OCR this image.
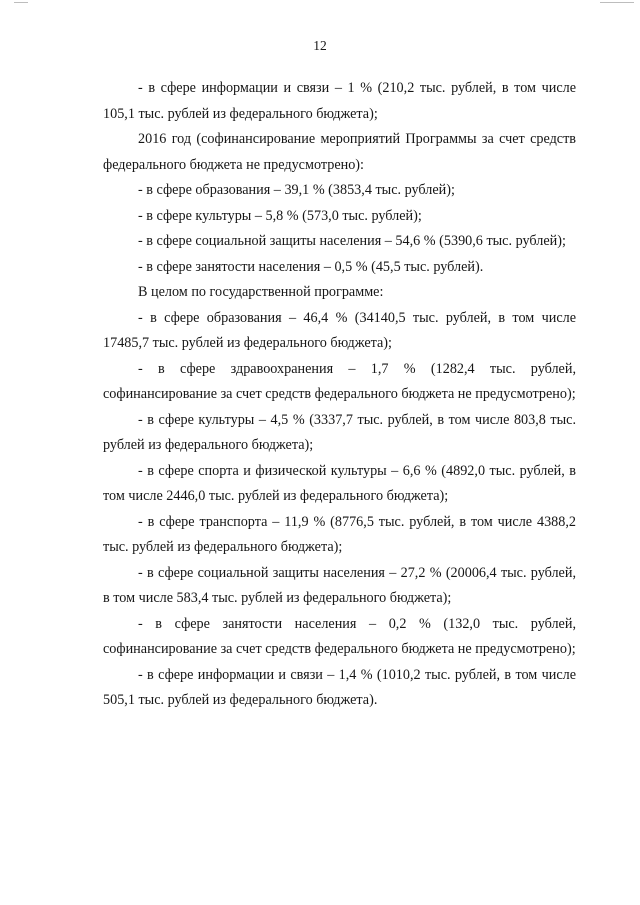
12

- в сфере информации и связи – 1 % (210,2 тыс. рублей, в том числе 105,1 тыс. рублей из федерального бюджета);

2016 год (софинансирование мероприятий Программы за счет средств федерального бюджета не предусмотрено):

- в сфере образования – 39,1 % (3853,4 тыс. рублей);

- в сфере культуры – 5,8 % (573,0 тыс. рублей);

- в сфере социальной защиты населения – 54,6 % (5390,6 тыс. рублей);

- в сфере занятости населения – 0,5 % (45,5 тыс. рублей).

В целом по государственной программе:

- в сфере образования – 46,4 % (34140,5 тыс. рублей, в том числе 17485,7 тыс. рублей из федерального бюджета);

- в сфере здравоохранения – 1,7 % (1282,4 тыс. рублей, софинансирование за счет средств федерального бюджета не предусмотрено);

- в сфере культуры – 4,5 % (3337,7 тыс. рублей, в том числе 803,8 тыс. рублей из федерального бюджета);

- в сфере спорта и физической культуры – 6,6 % (4892,0 тыс. рублей, в том числе 2446,0 тыс. рублей из федерального бюджета);

- в сфере транспорта – 11,9 % (8776,5 тыс. рублей, в том числе 4388,2 тыс. рублей из федерального бюджета);

- в сфере социальной защиты населения – 27,2 % (20006,4 тыс. рублей, в том числе 583,4 тыс. рублей из федерального бюджета);

- в сфере занятости населения – 0,2 % (132,0 тыс. рублей, софинансирование за счет средств федерального бюджета не предусмотрено);

- в сфере информации и связи – 1,4 % (1010,2 тыс. рублей, в том числе 505,1 тыс. рублей из федерального бюджета).
